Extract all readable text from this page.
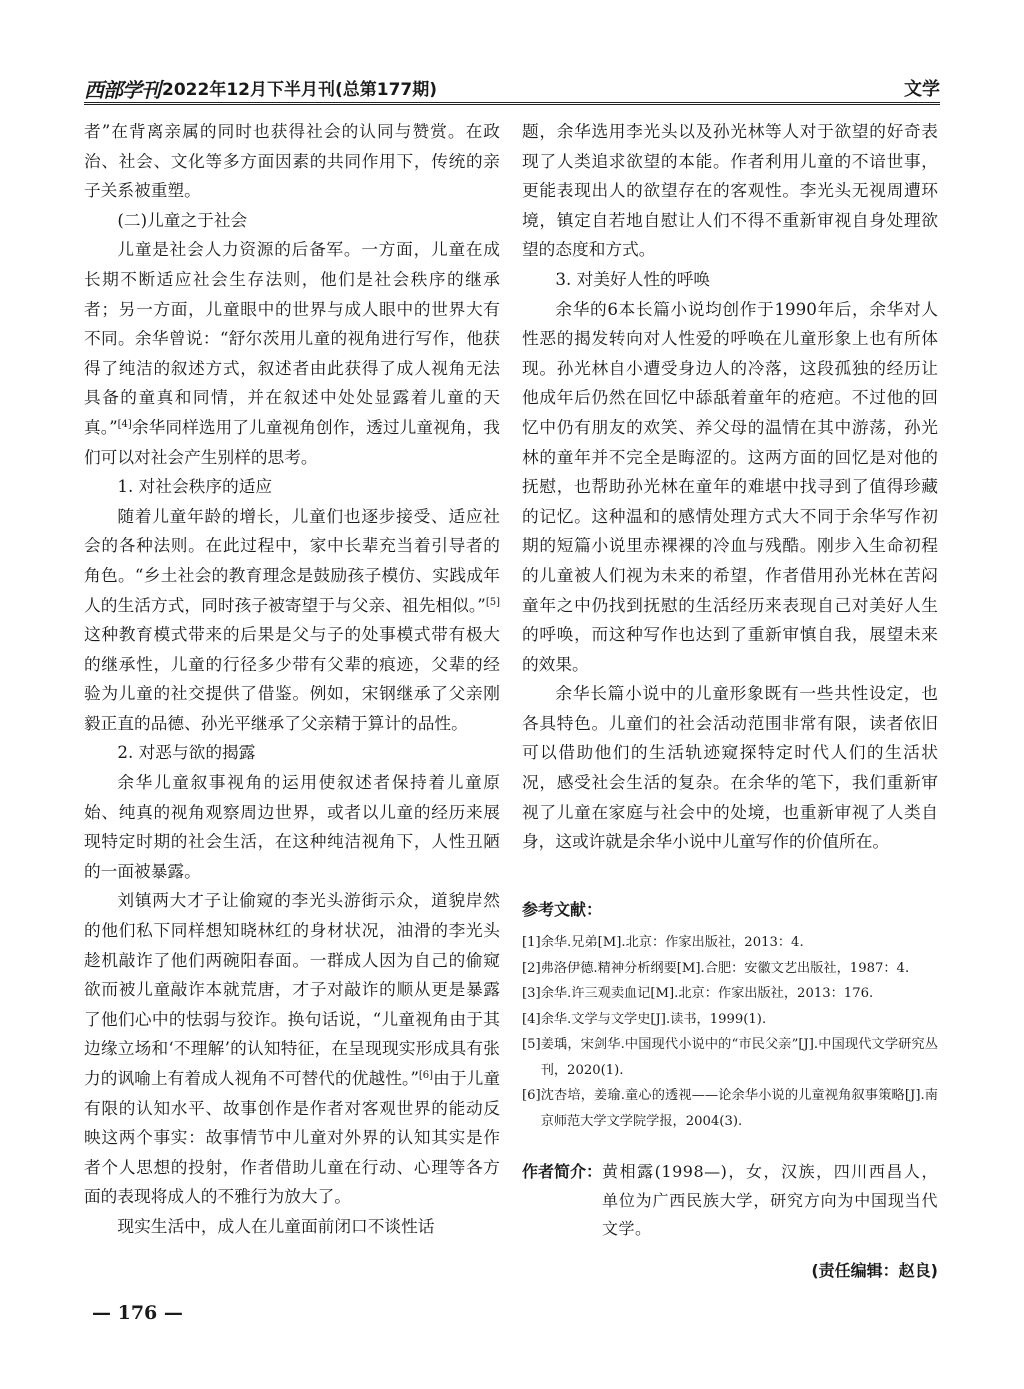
西部学刊 2022年12月下半月刊(总第177期)	文学

者”在背离亲属的同时也获得社会的认同与赞赏。在政治、社会、文化等多方面因素的共同作用下，传统的亲子关系被重塑。

(二)儿童之于社会

儿童是社会人力资源的后备军。一方面，儿童在成长期不断适应社会生存法则，他们是社会秩序的继承者；另一方面，儿童眼中的世界与成人眼中的世界大有不同。余华曾说：“舒尔茨用儿童的视角进行写作，他获得了纯洁的叙述方式，叙述者由此获得了成人视角无法具备的童真和同情，并在叙述中处处显露着儿童的天真。”[4]余华同样选用了儿童视角创作，透过儿童视角，我们可以对社会产生别样的思考。

1. 对社会秩序的适应

随着儿童年龄的增长，儿童们也逐步接受、适应社会的各种法则。在此过程中，家中长辈充当着引导者的角色。“乡土社会的教育理念是鼓励孩子模仿、实践成年人的生活方式，同时孩子被寄望于与父亲、祖先相似。”[5]这种教育模式带来的后果是父与子的处事模式带有极大的继承性，儿童的行径多少带有父辈的痕迹，父辈的经验为儿童的社交提供了借鉴。例如，宋钢继承了父亲刚毅正直的品德、孙光平继承了父亲精于算计的品性。

2. 对恶与欲的揭露

余华儿童叙事视角的运用使叙述者保持着儿童原始、纯真的视角观察周边世界，或者以儿童的经历来展现特定时期的社会生活，在这种纯洁视角下，人性丑陋的一面被暴露。

刘镇两大才子让偷窥的李光头游街示众，道貌岸然的他们私下同样想知晓林红的身材状况，油滑的李光头趁机敲诈了他们两碗阳春面。一群成人因为自己的偷窥欲而被儿童敲诈本就荒唐，才子对敲诈的顺从更是暴露了他们心中的怯弱与狡诈。换句话说，“儿童视角由于其边缘立场和‘不理解’的认知特征，在呈现现实形成具有张力的讽喻上有着成人视角不可替代的优越性。”[6]由于儿童有限的认知水平、故事创作是作者对客观世界的能动反映这两个事实：故事情节中儿童对外界的认知其实是作者个人思想的投射，作者借助儿童在行动、心理等各方面的表现将成人的不雅行为放大了。

现实生活中，成人在儿童面前闭口不谈性话

题，余华选用李光头以及孙光林等人对于欲望的好奇表现了人类追求欲望的本能。作者利用儿童的不谙世事，更能表现出人的欲望存在的客观性。李光头无视周遭环境，镇定自若地自慰让人们不得不重新审视自身处理欲望的态度和方式。

3. 对美好人性的呼唤

余华的6本长篇小说均创作于1990年后，余华对人性恶的揭发转向对人性爱的呼唤在儿童形象上也有所体现。孙光林自小遭受身边人的冷落，这段孤独的经历让他成年后仍然在回忆中舔舐着童年的疮疤。不过他的回忆中仍有朋友的欢笑、养父母的温情在其中游荡，孙光林的童年并不完全是晦涩的。这两方面的回忆是对他的抚慰，也帮助孙光林在童年的难堪中找寻到了值得珍藏的记忆。这种温和的感情处理方式大不同于余华写作初期的短篇小说里赤裸裸的冷血与残酷。刚步入生命初程的儿童被人们视为未来的希望，作者借用孙光林在苦闷童年之中仍找到抚慰的生活经历来表现自己对美好人生的呼唤，而这种写作也达到了重新审慎自我，展望未来的效果。

余华长篇小说中的儿童形象既有一些共性设定，也各具特色。儿童们的社会活动范围非常有限，读者依旧可以借助他们的生活轨迹窥探特定时代人们的生活状况，感受社会生活的复杂。在余华的笔下，我们重新审视了儿童在家庭与社会中的处境，也重新审视了人类自身，这或许就是余华小说中儿童写作的价值所在。

参考文献：

[1] 余华.兄弟[M].北京：作家出版社，2013：4.
[2] 弗洛伊德.精神分析纲要[M].合肥：安徽文艺出版社，1987：4.
[3] 余华.许三观卖血记[M].北京：作家出版社，2013：176.
[4] 余华.文学与文学史[J].读书，1999(1).
[5] 姜瑀，宋剑华.中国现代小说中的“市民父亲”[J].中国现代文学研究丛刊，2020(1).
[6] 沈杏培，姜瑜.童心的透视——论余华小说的儿童视角叙事策略[J].南京师范大学文学院学报，2004(3).
作者简介： 黄相露(1998—)，女，汉族，四川西昌人，单位为广西民族大学，研究方向为中国现当代文学。
(责任编辑：赵良)
— 176 —
